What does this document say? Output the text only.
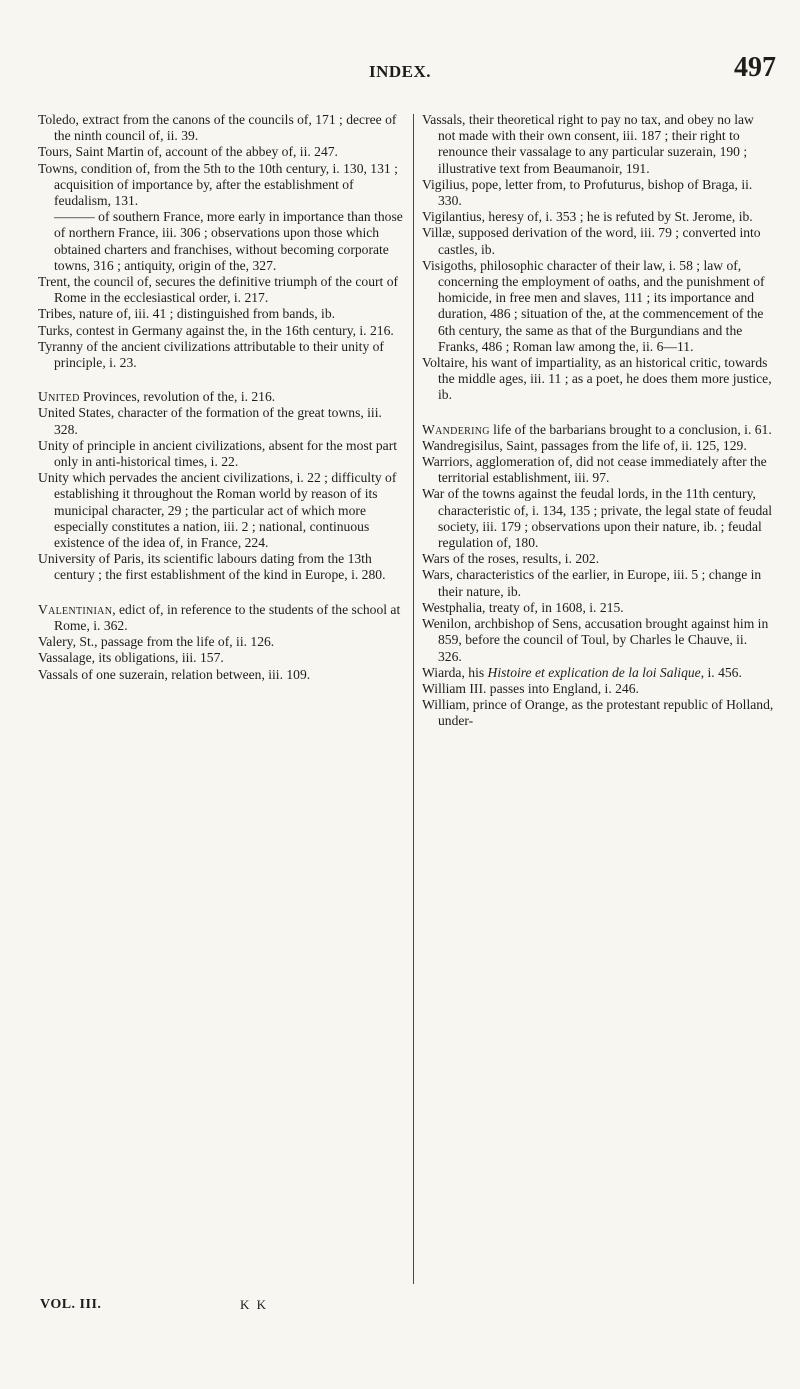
INDEX.	497

Toledo, extract from the canons of the councils of, 171 ; decree of the ninth council of, ii. 39.

Tours, Saint Martin of, account of the abbey of, ii. 247.

Towns, condition of, from the 5th to the 10th century, i. 130, 131 ; acquisition of importance by, after the establishment of feudalism, 131.

——— of southern France, more early in importance than those of northern France, iii. 306 ; observations upon those which obtained charters and franchises, without becoming corporate towns, 316 ; antiquity, origin of the, 327.

Trent, the council of, secures the definitive triumph of the court of Rome in the ecclesiastical order, i. 217.

Tribes, nature of, iii. 41 ; distinguished from bands, ib.

Turks, contest in Germany against the, in the 16th century, i. 216.

Tyranny of the ancient civilizations attributable to their unity of principle, i. 23.

United Provinces, revolution of the, i. 216.

United States, character of the formation of the great towns, iii. 328.

Unity of principle in ancient civilizations, absent for the most part only in anti-historical times, i. 22.

Unity which pervades the ancient civilizations, i. 22 ; difficulty of establishing it throughout the Roman world by reason of its municipal character, 29 ; the particular act of which more especially constitutes a nation, iii. 2 ; national, continuous existence of the idea of, in France, 224.

University of Paris, its scientific labours dating from the 13th century ; the first establishment of the kind in Europe, i. 280.

Valentinian, edict of, in reference to the students of the school at Rome, i. 362.

Valery, St., passage from the life of, ii. 126.

Vassalage, its obligations, iii. 157.

Vassals of one suzerain, relation between, iii. 109.

Vassals, their theoretical right to pay no tax, and obey no law not made with their own consent, iii. 187 ; their right to renounce their vassalage to any particular suzerain, 190 ; illustrative text from Beaumanoir, 191.

Vigilius, pope, letter from, to Profuturus, bishop of Braga, ii. 330.

Vigilantius, heresy of, i. 353 ; he is refuted by St. Jerome, ib.

Villæ, supposed derivation of the word, iii. 79 ; converted into castles, ib.

Visigoths, philosophic character of their law, i. 58 ; law of, concerning the employment of oaths, and the punishment of homicide, in free men and slaves, 111 ; its importance and duration, 486 ; situation of the, at the commencement of the 6th century, the same as that of the Burgundians and the Franks, 486 ; Roman law among the, ii. 6—11.

Voltaire, his want of impartiality, as an historical critic, towards the middle ages, iii. 11 ; as a poet, he does them more justice, ib.

Wandering life of the barbarians brought to a conclusion, i. 61.

Wandregisilus, Saint, passages from the life of, ii. 125, 129.

Warriors, agglomeration of, did not cease immediately after the territorial establishment, iii. 97.

War of the towns against the feudal lords, in the 11th century, characteristic of, i. 134, 135 ; private, the legal state of feudal society, iii. 179 ; observations upon their nature, ib. ; feudal regulation of, 180.

Wars of the roses, results, i. 202.

Wars, characteristics of the earlier, in Europe, iii. 5 ; change in their nature, ib.

Westphalia, treaty of, in 1608, i. 215.

Wenilon, archbishop of Sens, accusation brought against him in 859, before the council of Toul, by Charles le Chauve, ii. 326.

Wiarda, his Histoire et explication de la loi Salique, i. 456.

William III. passes into England, i. 246.

William, prince of Orange, as the protestant republic of Holland, under-

VOL. III.	K K
